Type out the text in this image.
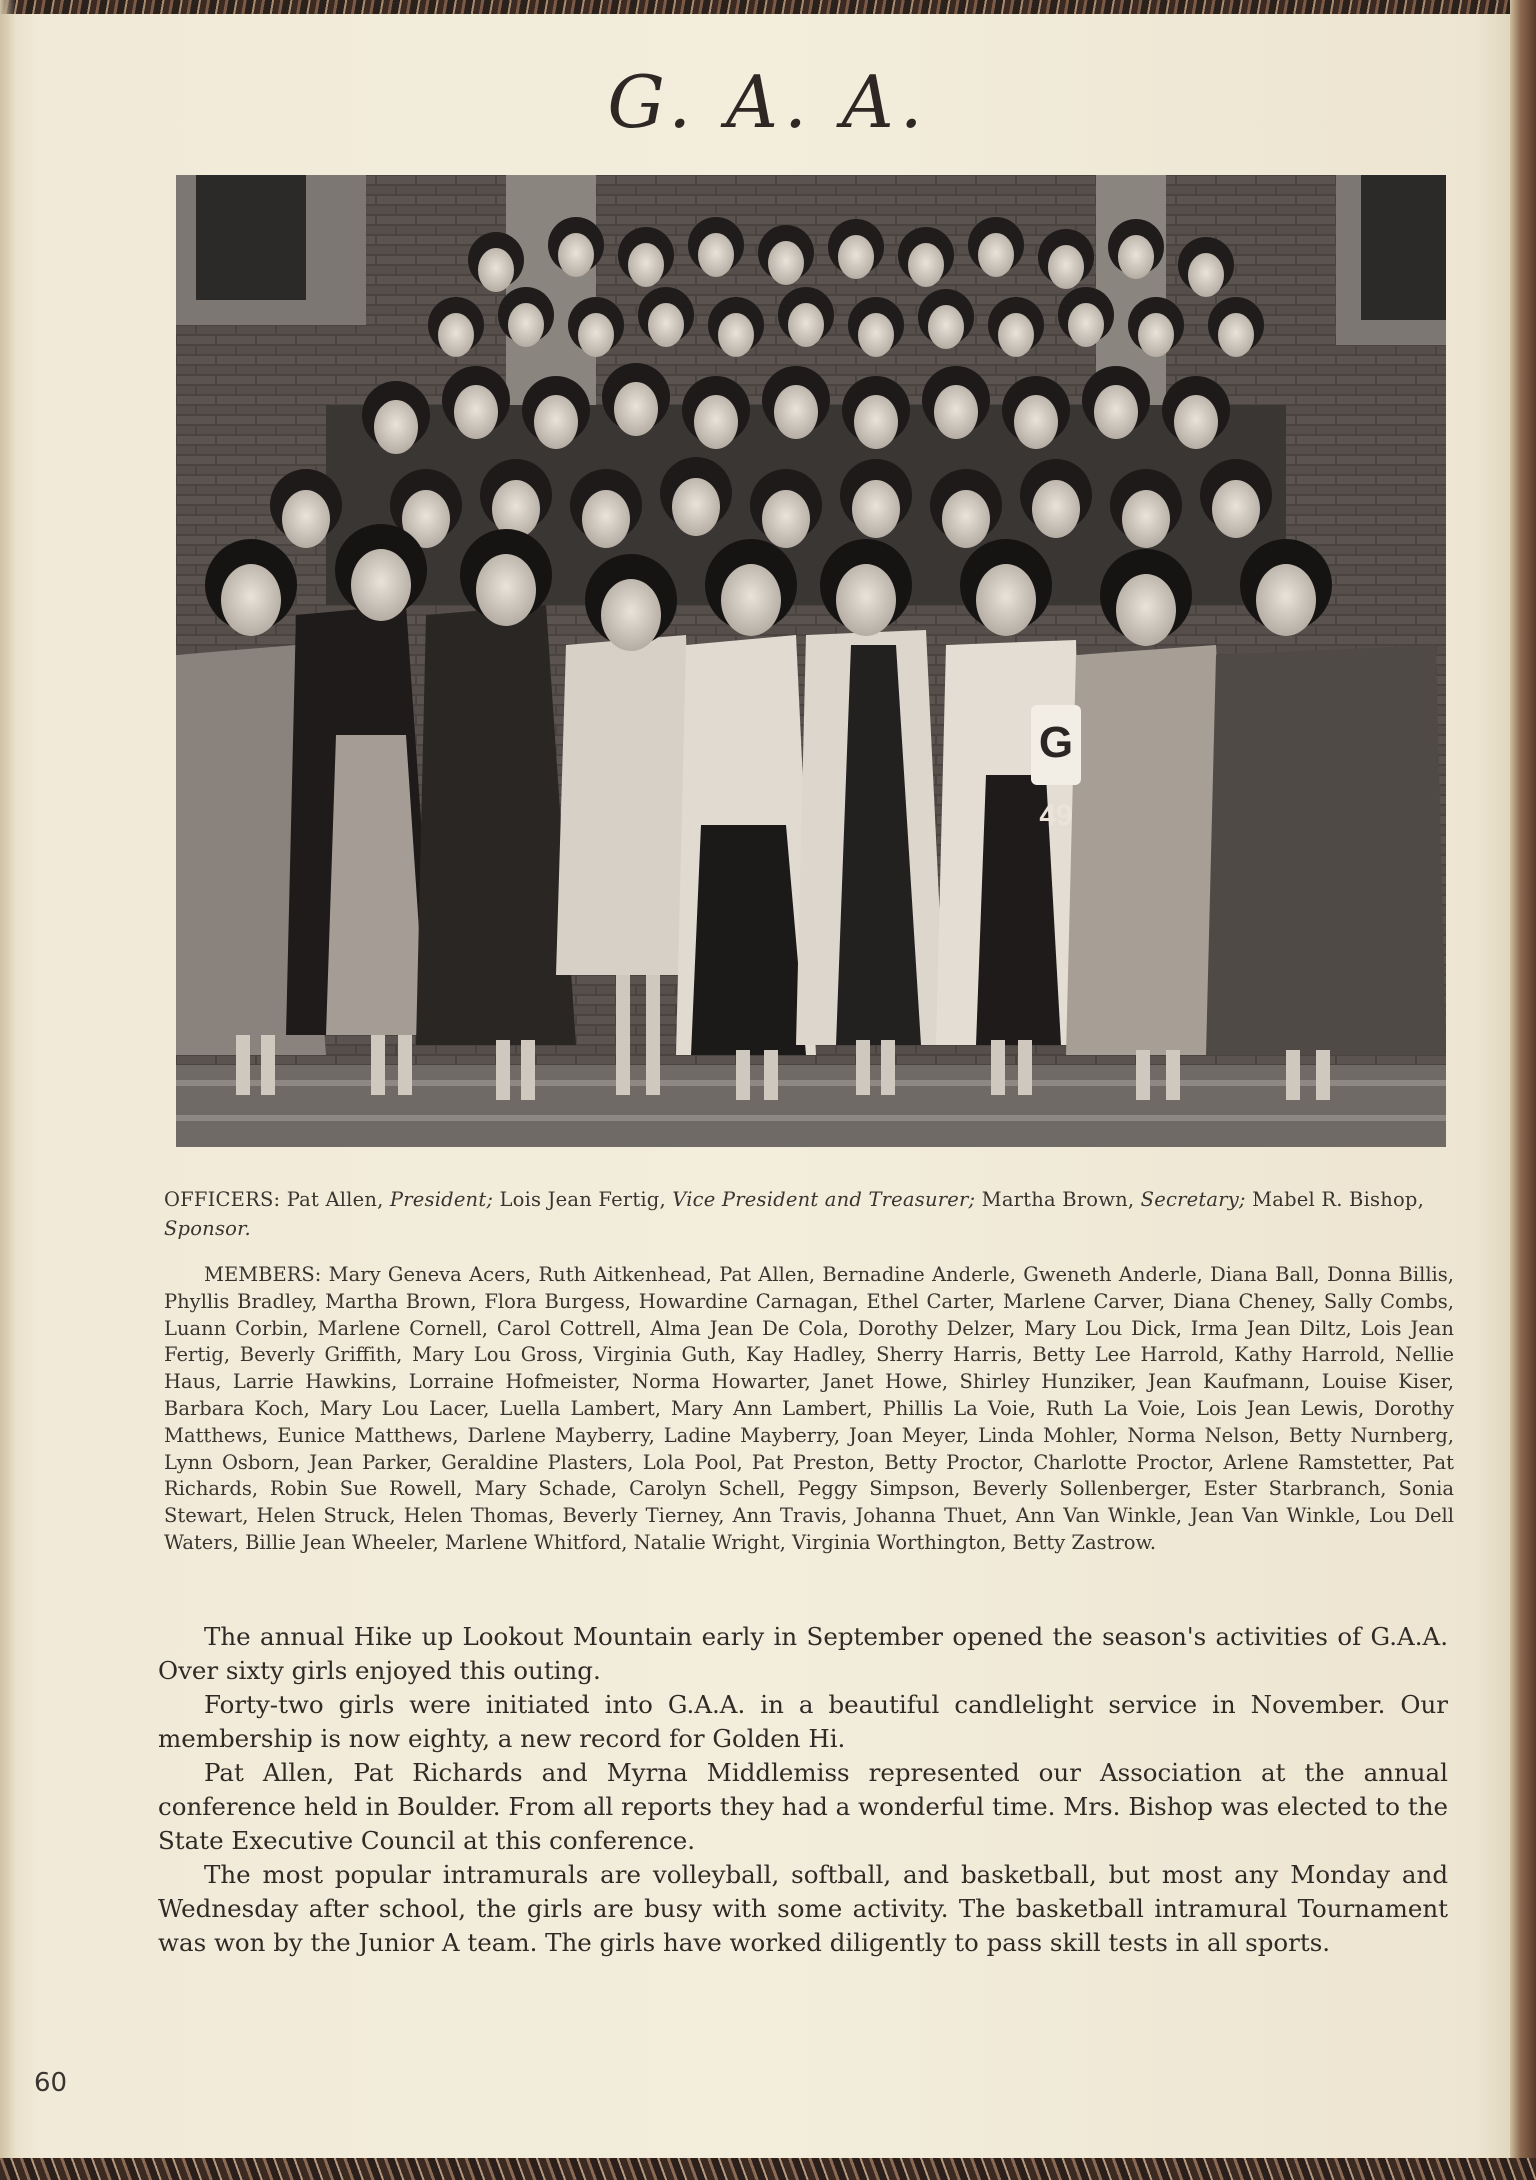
G. A. A.
G
49
OFFICERS: Pat Allen, President; Lois Jean Fertig, Vice President and Treasurer; Martha Brown, Secretary; Mabel R. Bishop, Sponsor.
MEMBERS: Mary Geneva Acers, Ruth Aitkenhead, Pat Allen, Bernadine Anderle, Gweneth Anderle, Diana Ball, Donna Billis, Phyllis Bradley, Martha Brown, Flora Burgess, Howardine Carnagan, Ethel Carter, Marlene Carver, Diana Cheney, Sally Combs, Luann Corbin, Marlene Cornell, Carol Cottrell, Alma Jean De Cola, Dorothy Delzer, Mary Lou Dick, Irma Jean Diltz, Lois Jean Fertig, Beverly Griffith, Mary Lou Gross, Virginia Guth, Kay Hadley, Sherry Harris, Betty Lee Harrold, Kathy Harrold, Nellie Haus, Larrie Hawkins, Lorraine Hofmeister, Norma Howarter, Janet Howe, Shirley Hunziker, Jean Kaufmann, Louise Kiser, Barbara Koch, Mary Lou Lacer, Luella Lambert, Mary Ann Lambert, Phillis La Voie, Ruth La Voie, Lois Jean Lewis, Dorothy Matthews, Eunice Matthews, Darlene Mayberry, Ladine Mayberry, Joan Meyer, Linda Mohler, Norma Nelson, Betty Nurnberg, Lynn Osborn, Jean Parker, Geraldine Plasters, Lola Pool, Pat Preston, Betty Proctor, Charlotte Proctor, Arlene Ramstetter, Pat Richards, Robin Sue Rowell, Mary Schade, Carolyn Schell, Peggy Simpson, Beverly Sollenberger, Ester Starbranch, Sonia Stewart, Helen Struck, Helen Thomas, Beverly Tierney, Ann Travis, Johanna Thuet, Ann Van Winkle, Jean Van Winkle, Lou Dell Waters, Billie Jean Wheeler, Marlene Whitford, Natalie Wright, Virginia Worthington, Betty Zastrow.

The annual Hike up Lookout Mountain early in September opened the season's activities of G.A.A. Over sixty girls enjoyed this outing.

Forty-two girls were initiated into G.A.A. in a beautiful candlelight service in November. Our membership is now eighty, a new record for Golden Hi.

Pat Allen, Pat Richards and Myrna Middlemiss represented our Association at the annual conference held in Boulder. From all reports they had a wonderful time. Mrs. Bishop was elected to the State Executive Council at this conference.

The most popular intramurals are volleyball, softball, and basketball, but most any Monday and Wednesday after school, the girls are busy with some activity. The basketball intramural Tournament was won by the Junior A team. The girls have worked diligently to pass skill tests in all sports.

60
